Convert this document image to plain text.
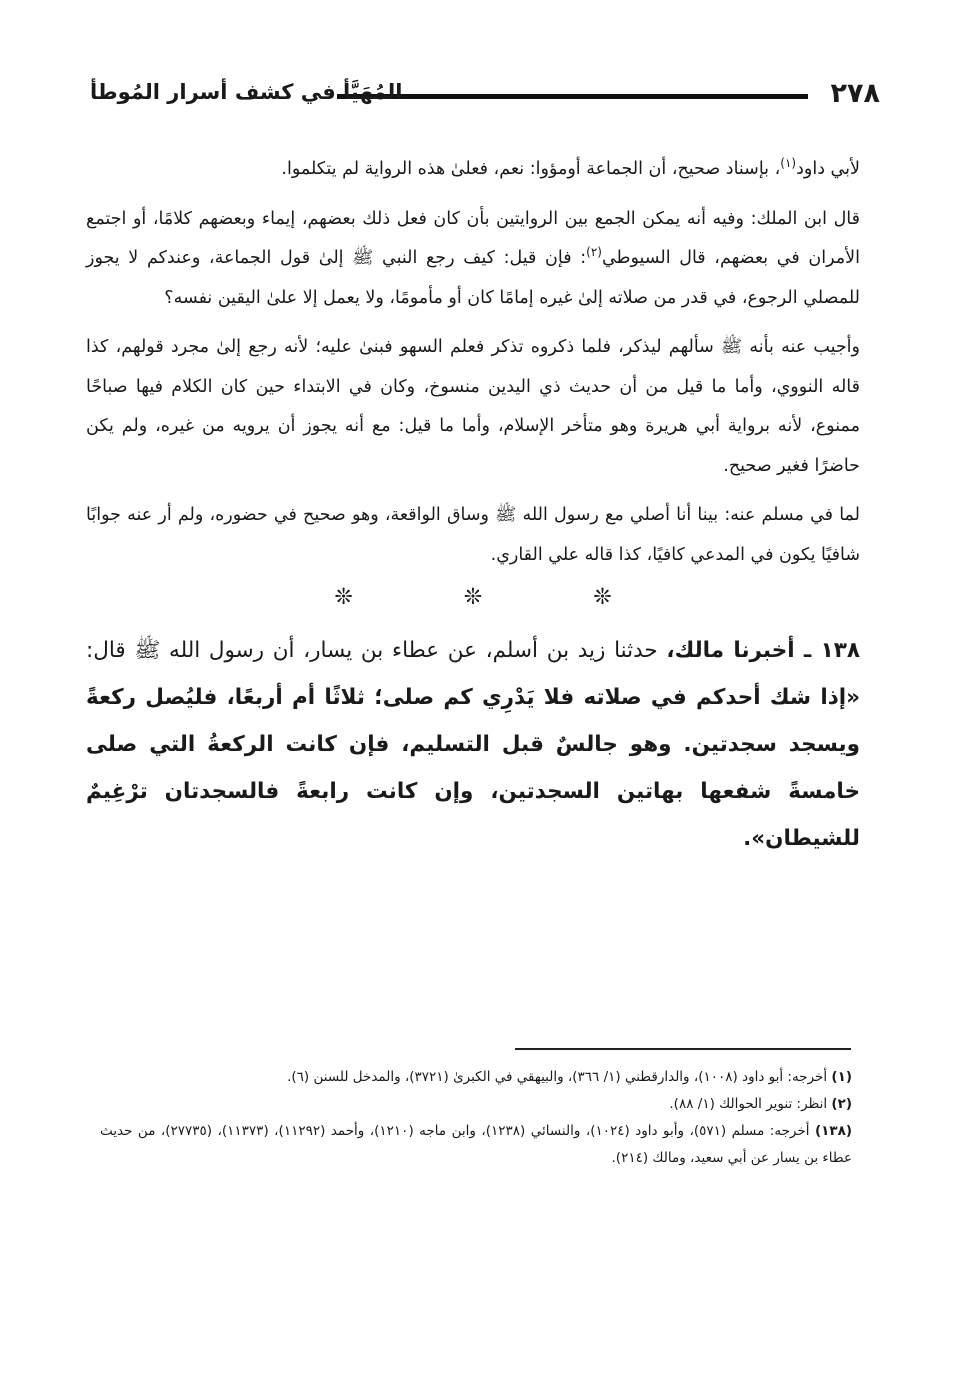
٢٧٨
المُهَيَّأ في كشف أسرار المُوطأ

لأبي داود$^{(١)}$، بإسناد صحيح، أن الجماعة أومؤوا: نعم، فعلىٰ هذه الرواية لم يتكلموا.

قال ابن الملك: وفيه أنه يمكن الجمع بين الروايتين بأن كان فعل ذلك بعضهم، إيماء وبعضهم كلامًا، أو اجتمع الأمران في بعضهم، قال السيوطي$^{(٢)}$: فإن قيل: كيف رجع النبي ﷺ إلىٰ قول الجماعة، وعندكم لا يجوز للمصلي الرجوع، في قدر من صلاته إلىٰ غيره إمامًا كان أو مأمومًا، ولا يعمل إلا علىٰ اليقين نفسه؟

وأجيب عنه بأنه ﷺ سألهم ليذكر، فلما ذكروه تذكر فعلم السهو فبنىٰ عليه؛ لأنه رجع إلىٰ مجرد قولهم، كذا قاله النووي، وأما ما قيل من أن حديث ذي اليدين منسوخ، وكان في الابتداء حين كان الكلام فيها صباحًا ممنوع، لأنه برواية أبي هريرة وهو متأخر الإسلام، وأما ما قيل: مع أنه يجوز أن يرويه من غيره، ولم يكن حاضرًا فغير صحيح.

لما في مسلم عنه: بينا أنا أصلي مع رسول الله ﷺ وساق الواقعة، وهو صحيح في حضوره، ولم أر عنه جوابًا شافيًا يكون في المدعي كافيًا، كذا قاله علي القاري.

❊ ❊ ❊

١٣٨ ـ أخبرنا مالك، حدثنا زيد بن أسلم، عن عطاء بن يسار، أن رسول الله ﷺ قال: «إذا شك أحدكم في صلاته فلا يَدْرِي كم صلى؛ ثلاثًا أم أربعًا، فليُصل ركعةً ويسجد سجدتين. وهو جالسٌ قبل التسليم، فإن كانت الركعةُ التي صلى خامسةً شفعها بهاتين السجدتين، وإن كانت رابعةً فالسجدتان ترْغِيمٌ للشيطان».

(١) أخرجه: أبو داود (١٠٠٨)، والدارقطني (١/ ٣٦٦)، والبيهقي في الكبرىٰ (٣٧٢١)، والمدخل للسنن (٦).

(٢) انظر: تنوير الحوالك (١/ ٨٨).

(١٣٨) أخرجه: مسلم (٥٧١)، وأبو داود (١٠٢٤)، والنسائي (١٢٣٨)، وابن ماجه (١٢١٠)، وأحمد (١١٢٩٢)، (١١٣٧٣)، (٢٧٧٣٥)، من حديث عطاء بن يسار عن أبي سعيد، ومالك (٢١٤).
